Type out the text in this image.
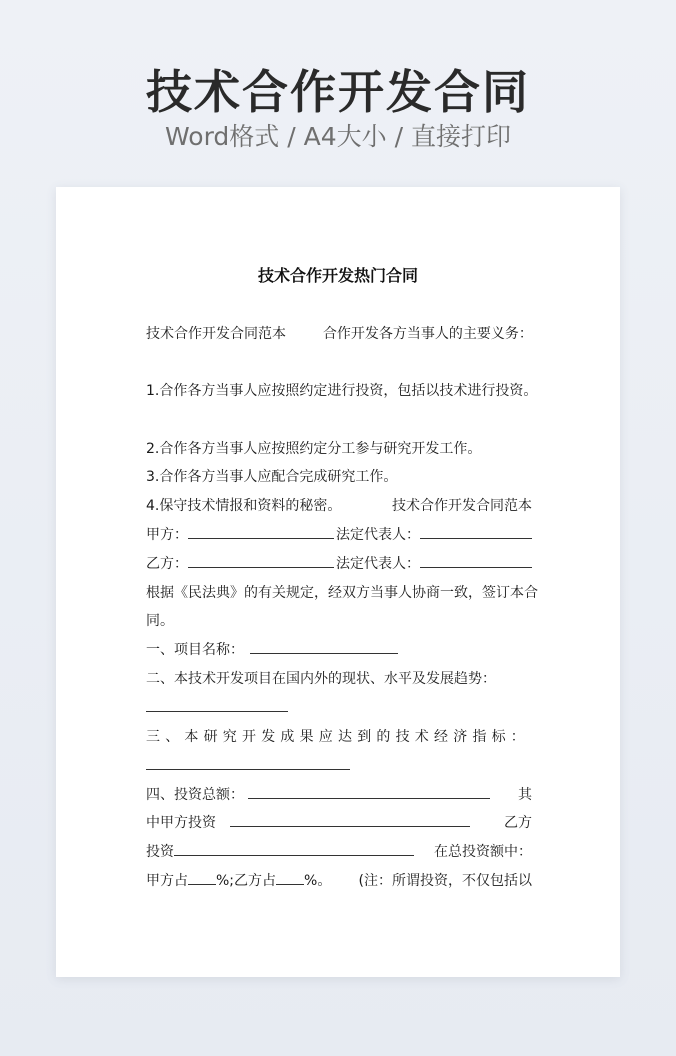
技术合作开发合同
Word格式 / A4大小 / 直接打印
技术合作开发热门合同
技术合作开发合同范本	合作开发各方当事人的主要义务：
1.合作各方当事人应按照约定进行投资，包括以技术进行投资。
2.合作各方当事人应按照约定分工参与研究开发工作。
3.合作各方当事人应配合完成研究工作。
4.保守技术情报和资料的秘密。	技术合作开发合同范本
甲方：	法定代表人：
乙方：	法定代表人：
根据《民法典》的有关规定，经双方当事人协商一致，签订本合
同。
一、项目名称：
二、本技术开发项目在国内外的现状、水平及发展趋势：
三、本研究开发成果应达到的技术经济指标：
四、投资总额：	其
中甲方投资	乙方
投资	在总投资额中：
甲方占 %;乙方占 %。 (注：所谓投资，不仅包括以
